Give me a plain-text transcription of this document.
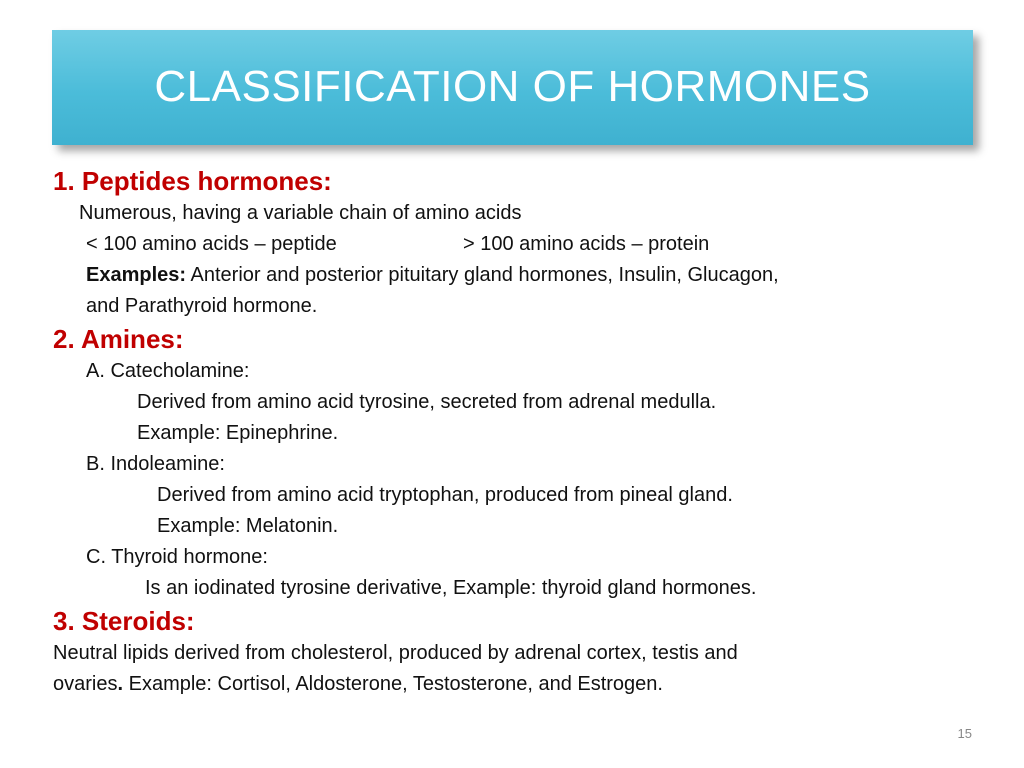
CLASSIFICATION OF HORMONES
1. Peptides hormones:
Numerous, having a variable chain of amino acids
< 100 amino acids – peptide	> 100 amino acids – protein
Examples: Anterior and posterior pituitary gland hormones, Insulin, Glucagon,
and Parathyroid hormone.
2. Amines:
A. Catecholamine:
Derived from amino acid tyrosine, secreted from adrenal medulla.
Example: Epinephrine.
B. Indoleamine:
Derived from amino acid tryptophan, produced from pineal gland.
Example: Melatonin.
C. Thyroid hormone:
Is an iodinated tyrosine derivative, Example: thyroid gland hormones.
3. Steroids:
Neutral lipids derived from cholesterol, produced by adrenal cortex, testis and
ovaries. Example: Cortisol, Aldosterone, Testosterone, and Estrogen.
15
